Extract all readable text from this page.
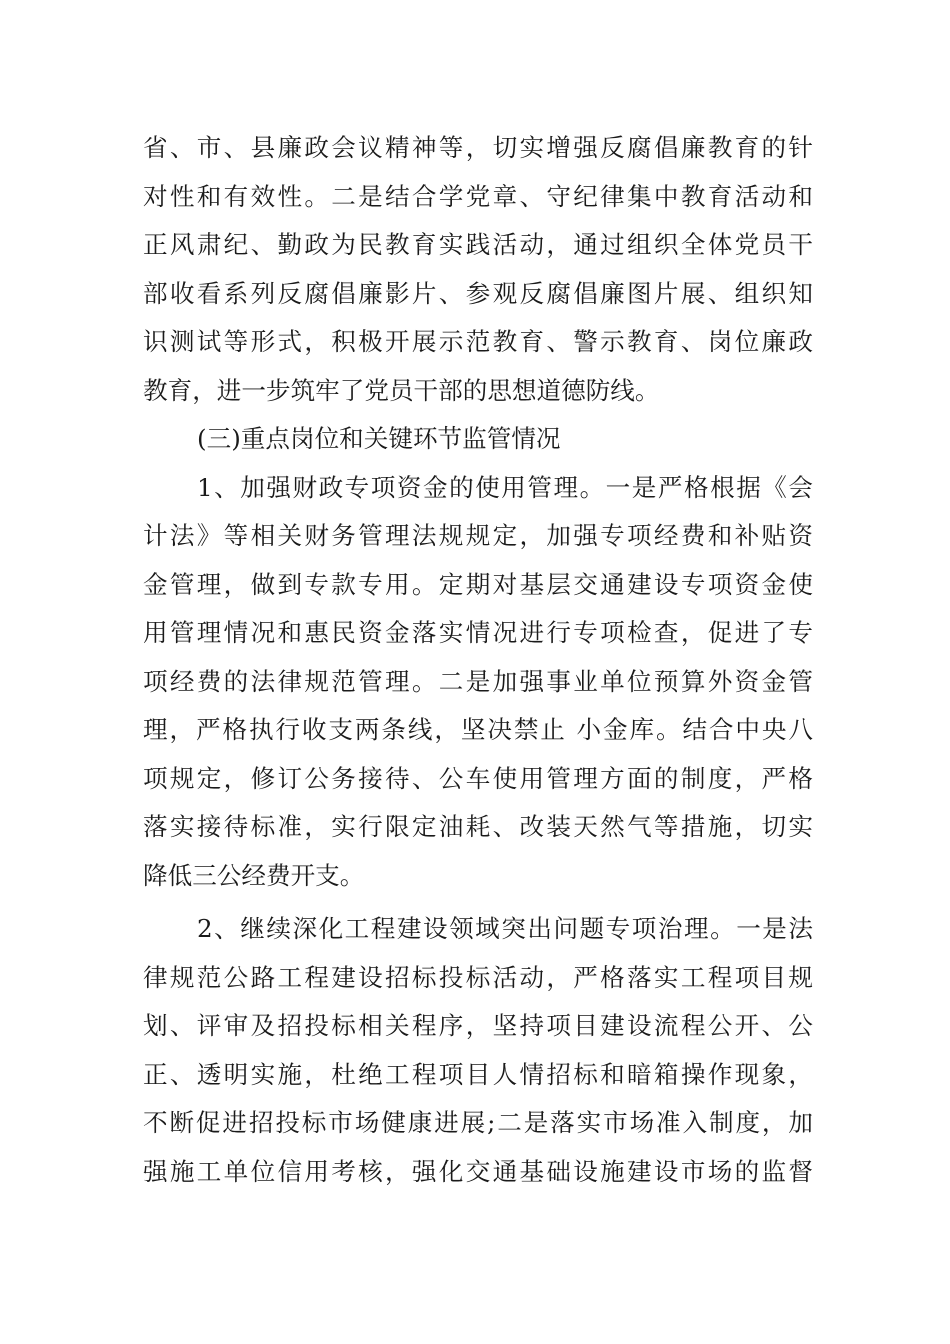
省、市、县廉政会议精神等，切实增强反腐倡廉教育的针
对性和有效性。二是结合学党章、守纪律集中教育活动和
正风肃纪、勤政为民教育实践活动，通过组织全体党员干
部收看系列反腐倡廉影片、参观反腐倡廉图片展、组织知
识测试等形式，积极开展示范教育、警示教育、岗位廉政
教育，进一步筑牢了党员干部的思想道德防线。
(三)重点岗位和关键环节监管情况
1、加强财政专项资金的使用管理。一是严格根据《会
计法》等相关财务管理法规规定，加强专项经费和补贴资
金管理，做到专款专用。定期对基层交通建设专项资金使
用管理情况和惠民资金落实情况进行专项检查，促进了专
项经费的法律规范管理。二是加强事业单位预算外资金管
理，严格执行收支两条线，坚决禁止 小金库。结合中央八
项规定，修订公务接待、公车使用管理方面的制度，严格
落实接待标准，实行限定油耗、改装天然气等措施，切实
降低三公经费开支。
2、继续深化工程建设领域突出问题专项治理。一是法
律规范公路工程建设招标投标活动，严格落实工程项目规
划、评审及招投标相关程序，坚持项目建设流程公开、公
正、透明实施，杜绝工程项目人情招标和暗箱操作现象，
不断促进招投标市场健康进展;二是落实市场准入制度，加
强施工单位信用考核，强化交通基础设施建设市场的监督
